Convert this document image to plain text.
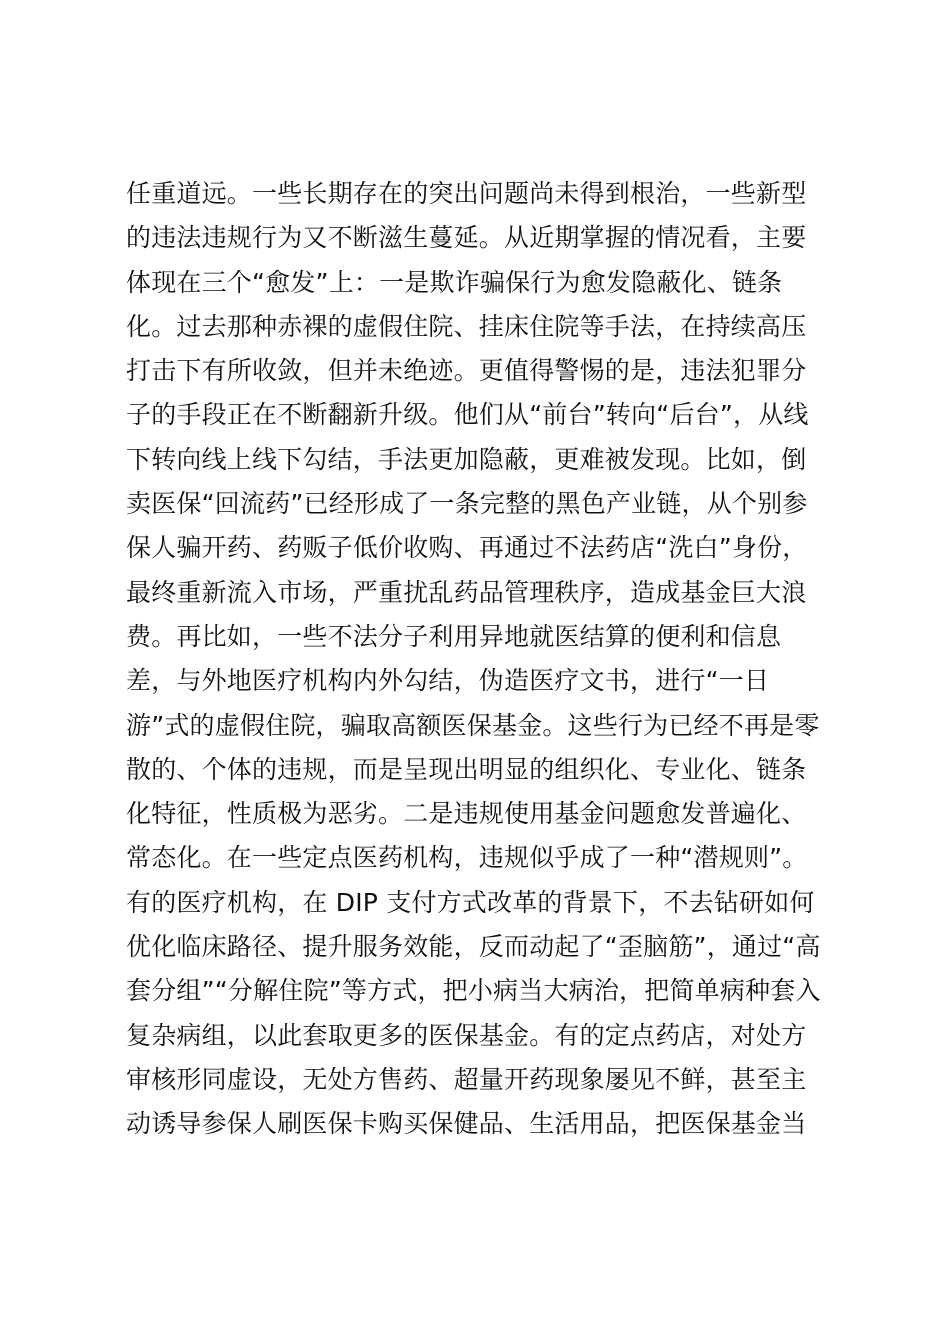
任重道远。一些长期存在的突出问题尚未得到根治，一些新型
的违法违规行为又不断滋生蔓延。从近期掌握的情况看，主要
体现在三个“愈发”上：一是欺诈骗保行为愈发隐蔽化、链条
化。过去那种赤裸的虚假住院、挂床住院等手法，在持续高压
打击下有所收敛，但并未绝迹。更值得警惕的是，违法犯罪分
子的手段正在不断翻新升级。他们从“前台”转向“后台”，从线
下转向线上线下勾结，手法更加隐蔽，更难被发现。比如，倒
卖医保“回流药”已经形成了一条完整的黑色产业链，从个别参
保人骗开药、药贩子低价收购、再通过不法药店“洗白”身份，
最终重新流入市场，严重扰乱药品管理秩序，造成基金巨大浪
费。再比如，一些不法分子利用异地就医结算的便利和信息
差，与外地医疗机构内外勾结，伪造医疗文书，进行“一日
游”式的虚假住院，骗取高额医保基金。这些行为已经不再是零
散的、个体的违规，而是呈现出明显的组织化、专业化、链条
化特征，性质极为恶劣。二是违规使用基金问题愈发普遍化、
常态化。在一些定点医药机构，违规似乎成了一种“潜规则”。
有的医疗机构，在 DIP 支付方式改革的背景下，不去钻研如何
优化临床路径、提升服务效能，反而动起了“歪脑筋”，通过“高
套分组”“分解住院”等方式，把小病当大病治，把简单病种套入
复杂病组，以此套取更多的医保基金。有的定点药店，对处方
审核形同虚设，无处方售药、超量开药现象屡见不鲜，甚至主
动诱导参保人刷医保卡购买保健品、生活用品，把医保基金当
